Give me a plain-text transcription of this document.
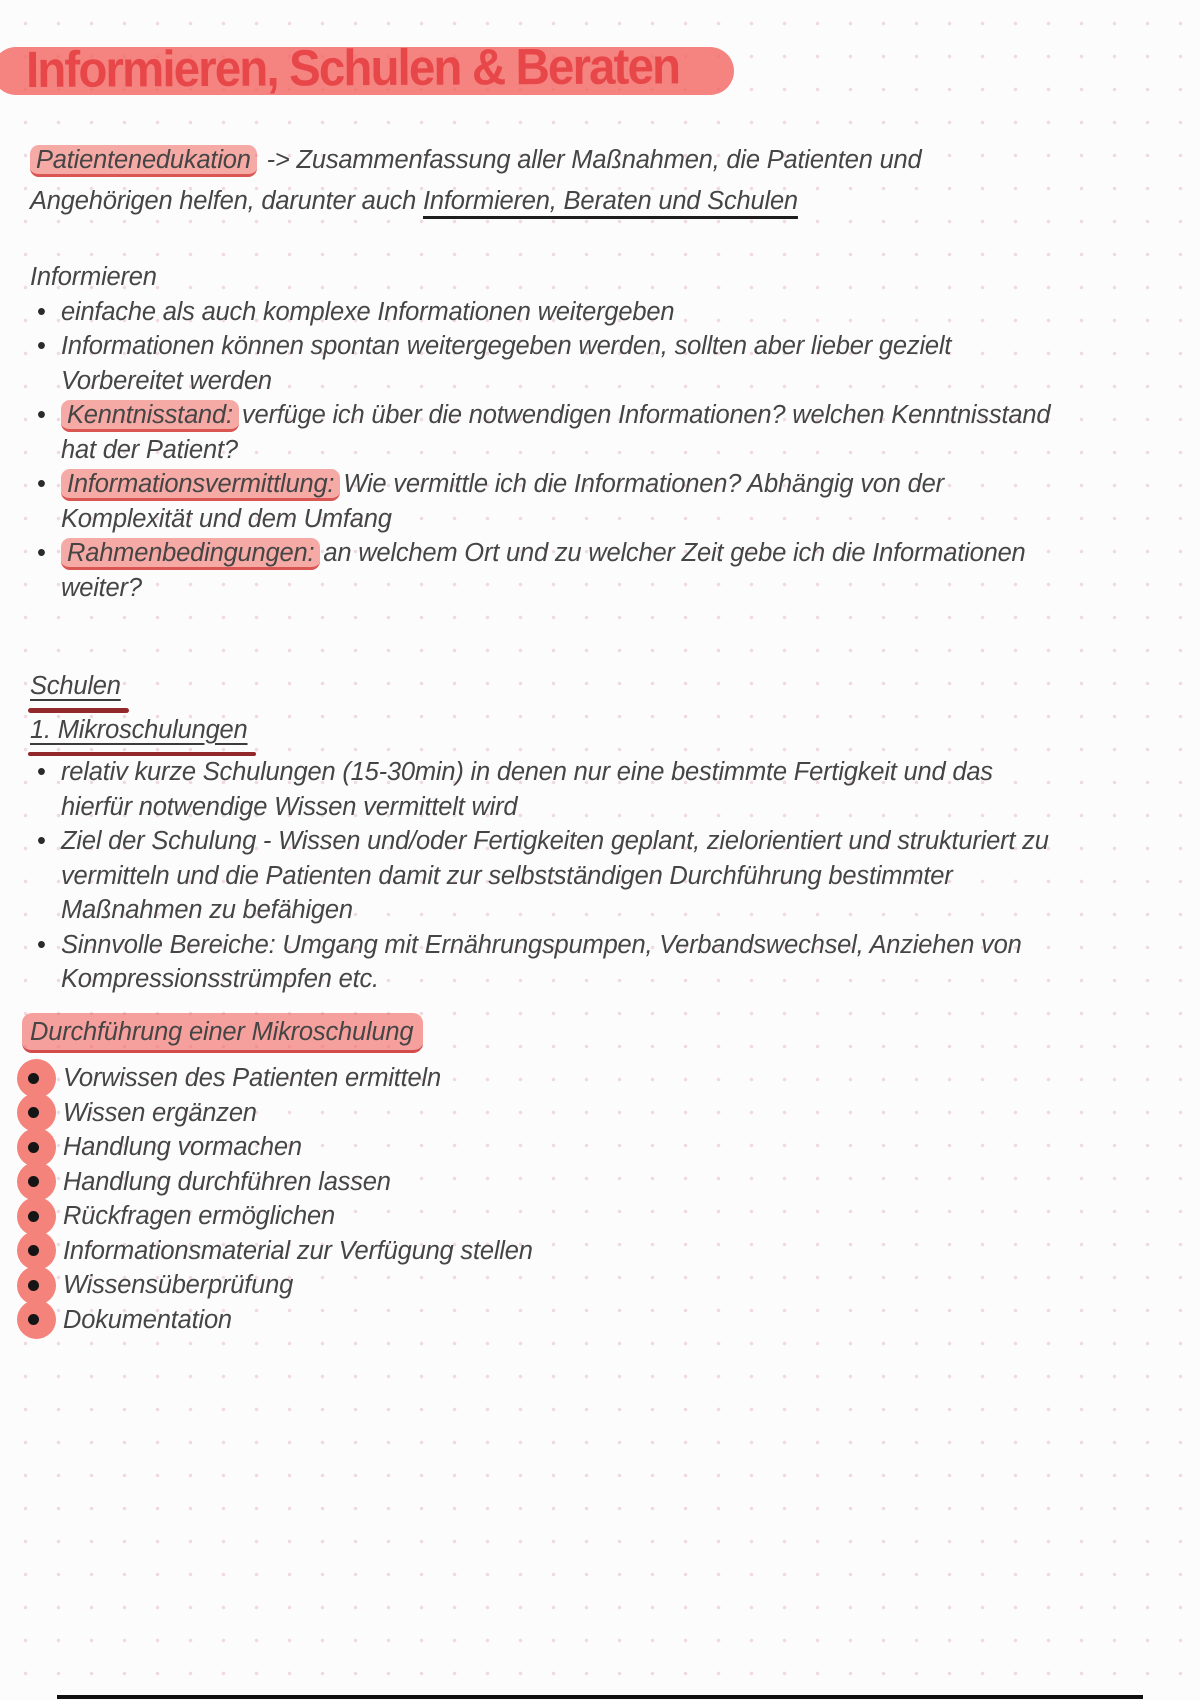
Informieren, Schulen & Beraten

Patientenedukation -> Zusammenfassung aller Maßnahmen, die Patienten und Angehörigen helfen, darunter auch Informieren, Beraten und Schulen

Informieren
• einfache als auch komplexe Informationen weitergeben
• Informationen können spontan weitergegeben werden, sollten aber lieber gezielt Vorbereitet werden
• Kenntnisstand: verfüge ich über die notwendigen Informationen? welchen Kenntnisstand hat der Patient?
• Informationsvermittlung: Wie vermittle ich die Informationen? Abhängig von der Komplexität und dem Umfang
• Rahmenbedingungen: an welchem Ort und zu welcher Zeit gebe ich die Informationen weiter?
Schulen
1. Mikroschulungen
• relativ kurze Schulungen (15-30min) in denen nur eine bestimmte Fertigkeit und das hierfür notwendige Wissen vermittelt wird
• Ziel der Schulung - Wissen und/oder Fertigkeiten geplant, zielorientiert und strukturiert zu vermitteln und die Patienten damit zur selbstständigen Durchführung bestimmter Maßnahmen zu befähigen
• Sinnvolle Bereiche: Umgang mit Ernährungspumpen, Verbandswechsel, Anziehen von Kompressionsstrümpfen etc.
Durchführung einer Mikroschulung
Vorwissen des Patienten ermitteln
Wissen ergänzen
Handlung vormachen
Handlung durchführen lassen
Rückfragen ermöglichen
Informationsmaterial zur Verfügung stellen
Wissensüberprüfung
Dokumentation
